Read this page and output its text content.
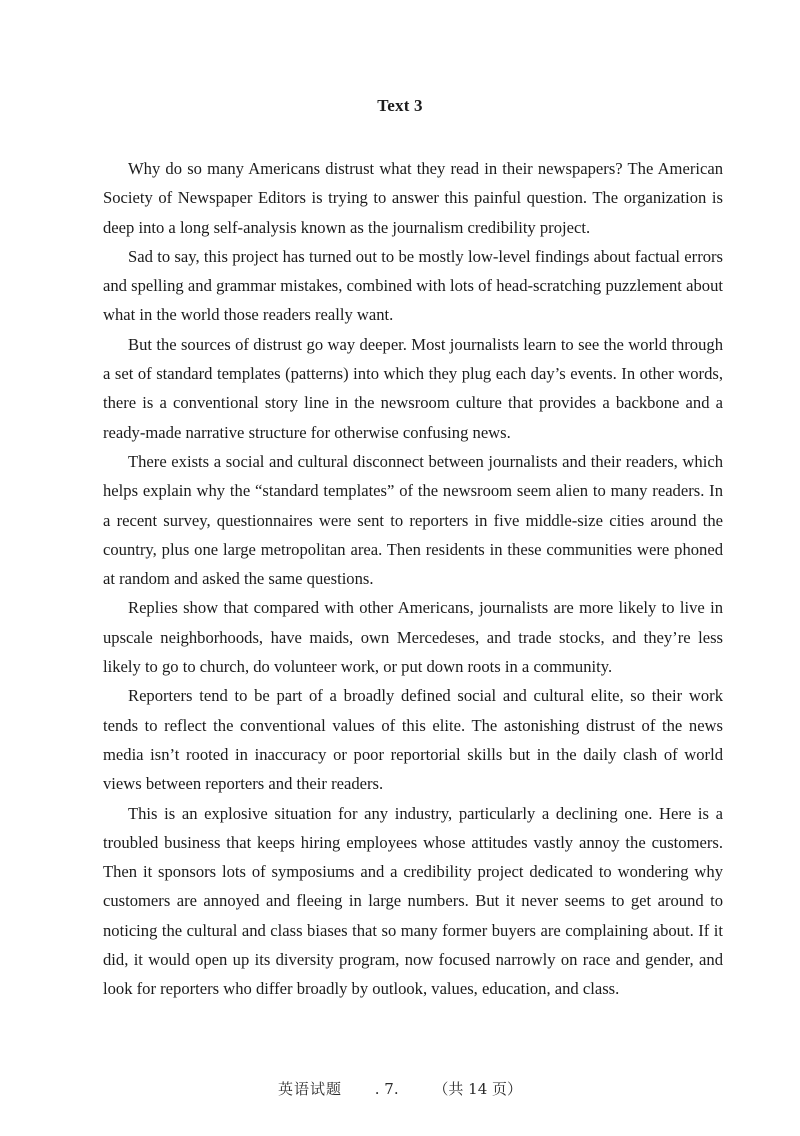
Text 3

Why do so many Americans distrust what they read in their newspapers? The American Society of Newspaper Editors is trying to answer this painful question. The organization is deep into a long self-analysis known as the journalism credibility project.

Sad to say, this project has turned out to be mostly low-level findings about factual errors and spelling and grammar mistakes, combined with lots of head-scratching puzzlement about what in the world those readers really want.

But the sources of distrust go way deeper. Most journalists learn to see the world through a set of standard templates (patterns) into which they plug each day’s events. In other words, there is a conventional story line in the newsroom culture that provides a backbone and a ready-made narrative structure for otherwise confusing news.

There exists a social and cultural disconnect between journalists and their readers, which helps explain why the “standard templates” of the newsroom seem alien to many readers. In a recent survey, questionnaires were sent to reporters in five middle-size cities around the country, plus one large metropolitan area. Then residents in these communities were phoned at random and asked the same questions.

Replies show that compared with other Americans, journalists are more likely to live in upscale neighborhoods, have maids, own Mercedeses, and trade stocks, and they’re less likely to go to church, do volunteer work, or put down roots in a community.

Reporters tend to be part of a broadly defined social and cultural elite, so their work tends to reflect the conventional values of this elite. The astonishing distrust of the news media isn’t rooted in inaccuracy or poor reportorial skills but in the daily clash of world views between reporters and their readers.

This is an explosive situation for any industry, particularly a declining one. Here is a troubled business that keeps hiring employees whose attitudes vastly annoy the customers. Then it sponsors lots of symposiums and a credibility project dedicated to wondering why customers are annoyed and fleeing in large numbers. But it never seems to get around to noticing the cultural and class biases that so many former buyers are complaining about. If it did, it would open up its diversity program, now focused narrowly on race and gender, and look for reporters who differ broadly by outlook, values, education, and class.

英语试题 . 7. （共 14 页）
